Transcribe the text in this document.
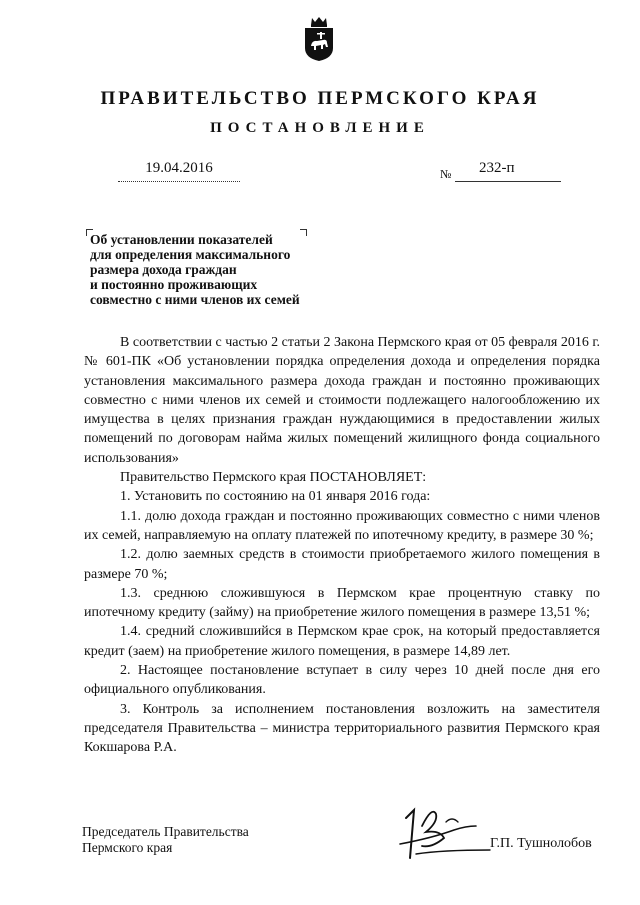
ПРАВИТЕЛЬСТВО ПЕРМСКОГО КРАЯ
ПОСТАНОВЛЕНИЕ
19.04.2016	№	232-п
Об установлении показателей
для определения максимального
размера дохода граждан
и постоянно проживающих
совместно с ними членов их семей

В соответствии с частью 2 статьи 2 Закона Пермского края от 05 февраля 2016 г. № 601-ПК «Об установлении порядка определения дохода и определения порядка установления максимального размера дохода граждан и постоянно проживающих совместно с ними членов их семей и стоимости подлежащего налогообложению их имущества в целях признания граждан нуждающимися в предоставлении жилых помещений по договорам найма жилых помещений жилищного фонда социального использования»

Правительство Пермского края ПОСТАНОВЛЯЕТ:

1. Установить по состоянию на 01 января 2016 года:

1.1. долю дохода граждан и постоянно проживающих совместно с ними членов их семей, направляемую на оплату платежей по ипотечному кредиту, в размере 30 %;

1.2. долю заемных средств в стоимости приобретаемого жилого помещения в размере 70 %;

1.3. среднюю сложившуюся в Пермском крае процентную ставку по ипотечному кредиту (займу) на приобретение жилого помещения в размере 13,51 %;

1.4. средний сложившийся в Пермском крае срок, на который предоставляется кредит (заем) на приобретение жилого помещения, в размере 14,89 лет.

2. Настоящее постановление вступает в силу через 10 дней после дня его официального опубликования.

3. Контроль за исполнением постановления возложить на заместителя председателя Правительства – министра территориального развития Пермского края Кокшарова Р.А.

Председатель Правительства
Пермского края	Г.П. Тушнолобов
